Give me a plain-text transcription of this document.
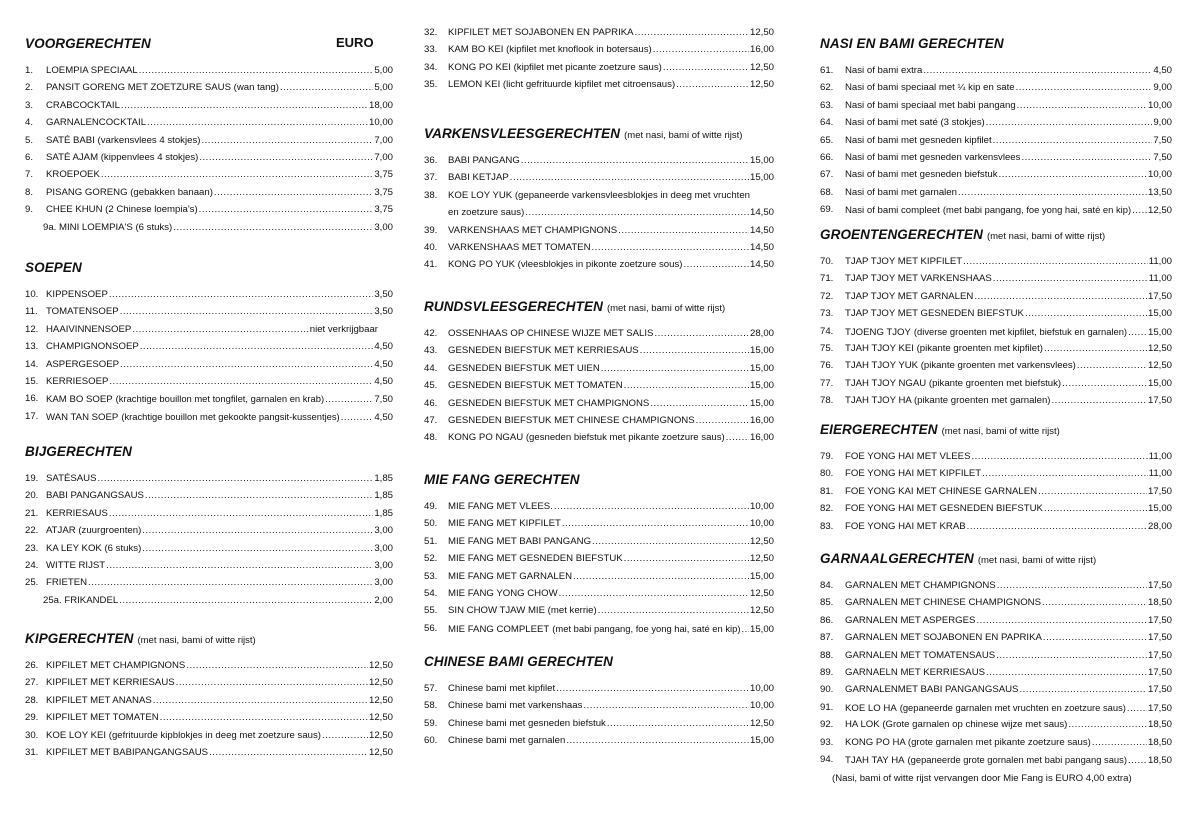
VOORGERECHTEN
1. LOEMPIA SPECIAAL .....	5,00
2. PANSIT GORENG MET ZOETZURE SAUS (wan tang) .....	5,00
3. CRABCOCKTAIL .....	18,00
4. GARNALENCOCKTAIL .....	10,00
5. SATÉ BABI (varkensvlees 4 stokjes) .....	7,00
6. SATÉ AJAM (kippenvlees 4 stokjes) .....	7,00
7. KROEPOEK .....	3,75
8. PISANG GORENG (gebakken banaan) .....	3,75
9. CHEE KHUN (2 Chinese loempia's) .....	3,75
9a. MINI LOEMPIA'S (6 stuks) .....	3,00
SOEPEN
10. KIPPENSOEP .....	3,50
11. TOMATENSOEP .....	3,50
12. HAAIVINNENSOEP .....	niet verkrijgbaar
13. CHAMPIGNONSOEP .....	4,50
14. ASPERGESOEP .....	4,50
15. KERRIESOEP .....	4,50
16. KAM BO SOEP (krachtige bouillon met tongfilet, garnalen en krab) .....	7,50
17. WAN TAN SOEP (krachtige bouillon met gekookte pangsit-kussentjes) .....	4,50
BIJGERECHTEN
19. SATÉSAUS .....	1,85
20. BABI PANGANGSAUS .....	1,85
21. KERRIESAUS .....	1,85
22. ATJAR (zuurgroenten) .....	3,00
23. KA LEY KOK (6 stuks) .....	3,00
24. WITTE RIJST .....	3,00
25. FRIETEN .....	3,00
25a. FRIKANDEL .....	2,00
KIPGERECHTEN (met nasi, bami of witte rijst)
26. KIPFILET MET CHAMPIGNONS .....	12,50
27. KIPFILET MET KERRIESAUS .....	12,50
28. KIPFILET MET ANANAS .....	12,50
29. KIPFILET MET TOMATEN .....	12,50
30. KOE LOY KEI (gefrituurde kipblokjes in deeg met zoetzure saus) .....	12,50
31. KIPFILET MET BABIPANGANGSAUS .....	12,50
32. KIPFILET MET SOJABONEN EN PAPRIKA .....	12,50
33. KAM BO KEI (kipfilet met knoflook in botersaus) .....	16,00
34. KONG PO KEI (kipfilet met picante zoetzure saus) .....	12,50
35. LEMON KEI (licht gefrituurde kipfilet met citroensaus) .....	12,50
VARKENSVLEESGERECHTEN (met nasi, bami of witte rijst)
36. BABI PANGANG .....	15,00
37. BABI KETJAP .....	15,00
38. KOE LOY YUK (gepaneerde varkensvleesblokjes in deeg met vruchten
en zoetzure saus) .....	14,50
39. VARKENSHAAS MET CHAMPIGNONS .....	14,50
40. VARKENSHAAS MET TOMATEN .....	14,50
41. KONG PO YUK (vleesblokjes in pikonte zoetzure sous) .....	14,50
RUNDSVLEESGERECHTEN (met nasi, bami of witte rijst)
42. OSSENHAAS OP CHINESE WIJZE MET SALIS .....	28,00
43. GESNEDEN BIEFSTUK MET KERRIESAUS .....	15,00
44. GESNEDEN BIEFSTUK MET UIEN .....	15,00
45. GESNEDEN BIEFSTUK MET TOMATEN .....	15,00
46. GESNEDEN BIEFSTUK MET CHAMPIGNONS .....	15,00
47. GESNEDEN BIEFSTUK MET CHINESE CHAMPIGNONS .....	16,00
48. KONG PO NGAU (gesneden biefstuk met pikante zoetzure saus) .....	16,00
MIE FANG GERECHTEN
49. MIE FANG MET VLEES. .....	10,00
50. MIE FANG MET KIPFILET .....	10,00
51. MIE FANG MET BABI PANGANG .....	12,50
52. MIE FANG MET GESNEDEN BIEFSTUK .....	12,50
53. MIE FANG MET GARNALEN .....	15,00
54. MIE FANG YONG CHOW .....	12,50
55. SIN CHOW TJAW MIE (met kerrie) .....	12,50
56. MIE FANG COMPLEET (met babi pangang, foe yong hai, saté en kip) ..... 15,00
CHINESE BAMI GERECHTEN
57. Chinese bami met kipfilet .....	10,00
58. Chinese bami met varkenshaas .....	10,00
59. Chinese bami met gesneden biefstuk .....	12,50
60. Chinese bami met garnalen .....	15,00
NASI EN BAMI GERECHTEN
61. Nasi of bami extra .....	4,50
62. Nasi of bami speciaal met ¼ kip en sate .....	9,00
63. Nasi of bami speciaal met babi pangang .....	10,00
64. Nasi of bami met saté (3 stokjes) .....	9,00
65. Nasi of bami met gesneden kipfilet .....	7,50
66. Nasi of bami met gesneden varkensvlees .....	7,50
67. Nasi of bami met gesneden biefstuk .....	10,00
68. Nasi of bami met garnalen .....	13,50
69. Nasi of bami compleet (met babi pangang, foe yong hai, saté en kip) ..... 12,50
GROENTENGERECHTEN (met nasi, bami of witte rijst)
70. TJAP TJOY MET KIPFILET .....	11,00
71. TJAP TJOY MET VARKENSHAAS .....	11,00
72. TJAP TJOY MET GARNALEN .....	17,50
73. TJAP TJOY MET GESNEDEN BIEFSTUK .....	15,00
74. TJOENG TJOY (diverse groenten met kipfilet, biefstuk en garnalen) ..... 15,00
75. TJAH TJOY KEI (pikante groenten met kipfilet) .....	12,50
76. TJAH TJOY YUK (pikante groenten met varkensvlees) .....	12,50
77. TJAH TJOY NGAU (pikante groenten met biefstuk) .....	15,00
78. TJAH TJOY HA (pikante groenten met garnalen) .....	17,50
EIERGERECHTEN (met nasi, bami of witte rijst)
79. FOE YONG HAI MET VLEES .....	11,00
80. FOE YONG HAI MET KIPFILET .....	11,00
81. FOE YONG KAI MET CHINESE GARNALEN .....	17,50
82. FOE YONG HAI MET GESNEDEN BIEFSTUK .....	15,00
83. FOE YONG HAI MET KRAB .....	28,00
GARNAALGERECHTEN (met nasi, bami of witte rijst)
84. GARNALEN MET CHAMPIGNONS .....	17,50
85. GARNALEN MET CHINESE CHAMPIGNONS .....	18,50
86. GARNALEN MET ASPERGES .....	17,50
87. GARNALEN MET SOJABONEN EN PAPRIKA .....	17,50
88. GARNALEN MET TOMATENSAUS .....	17,50
89. GARNAELN MET KERRIESAUS .....	17,50
90. GARNALENMET BABI PANGANGSAUS .....	17,50
91. KOE LO HA (gepaneerde garnalen met vruchten en zoetzure saus) ..... 17,50
92. HA LOK (Grote garnalen op chinese wijze met saus) .....	18,50
93. KONG PO HA (grote garnalen met pikante zoetzure saus) .....	18,50
94. TJAH TAY HA (gepaneerde grote gornalen met babi pangang saus) ..... 18,50
EURO
(Nasi, bami of witte rijst vervangen door Mie Fang is EURO 4,00 extra)
